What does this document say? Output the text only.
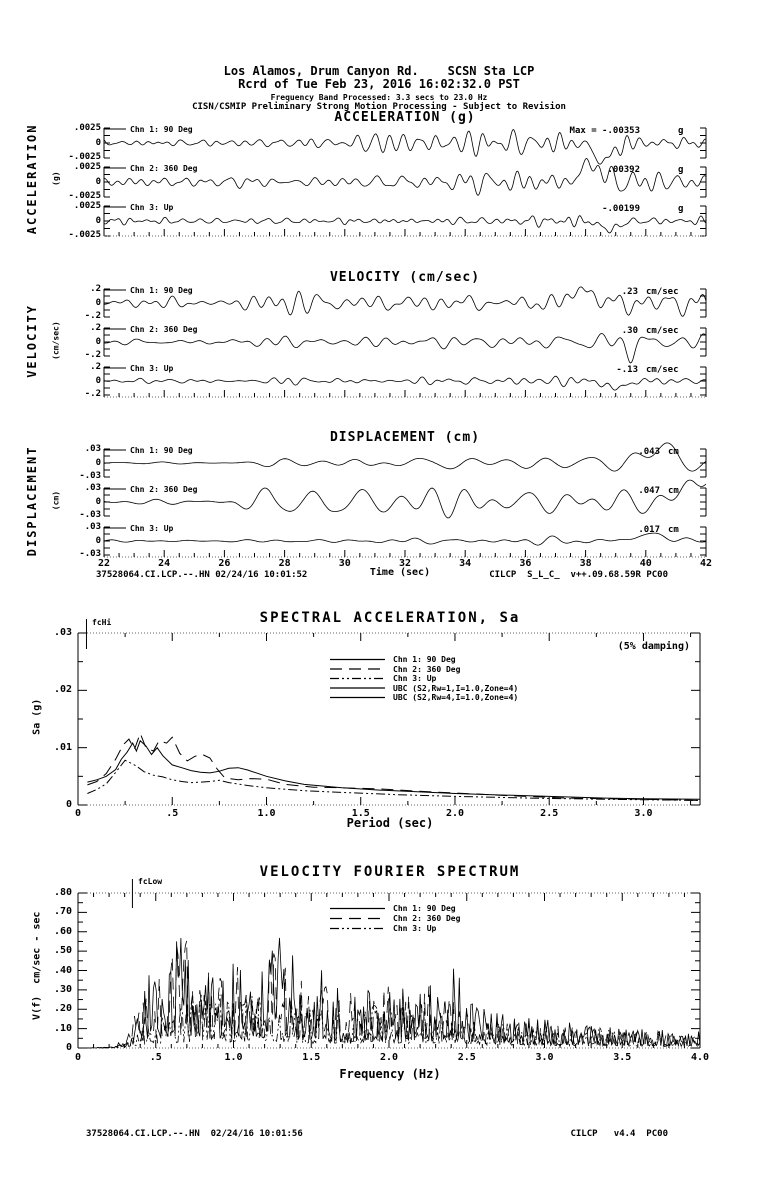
Los Alamos, Drum Canyon Rd.    SCSN Sta LCP
Rcrd of Tue Feb 23, 2016 16:02:32.0 PST
Frequency Band Processed: 3.3 secs to 23.0 Hz
CISN/CSMIP Preliminary Strong Motion Processing - Subject to Revision
ACCELERATION (g)
VELOCITY (cm/sec)
DISPLACEMENT (cm)
ACCELERATION (g)
VELOCITY (cm/sec)
DISPLACEMENT (cm)
Time (sec)
37528064.CI.LCP.--.HN 02/24/16 10:01:52	CILCP  S_L_C_  v++.09.68.59R PC00
SPECTRAL ACCELERATION, Sa
(5% damping)
fcHi
Sa (g)
Period (sec)
VELOCITY FOURIER SPECTRUM
fcLow
V(f)  cm/sec - sec
Frequency (Hz)
37528064.CI.LCP.--.HN  02/24/16 10:01:56	CILCP   v4.4  PC00
Chn 1: 90 Deg
.0025
0
-.0025
Max = -.00353	g
Chn 2: 360 Deg
.0025
0
-.0025
.00392	g
Chn 3: Up
.0025
0
-.0025
-.00199	g
Chn 1: 90 Deg
.2
0
-.2
.23 cm/sec
Chn 2: 360 Deg
.2
0
-.2
.30 cm/sec
Chn 3: Up
.2
0
-.2
-.13 cm/sec
Chn 1: 90 Deg
.03
0
-.03
.043 cm
Chn 2: 360 Deg
.03
0
-.03
.047 cm
Chn 3: Up
.03
0
-.03
.017 cm
22	24	26	28	30	32	34	36	38	40	42
.03
.02
.01
0
0	.5	1.0	1.5	2.0	2.5	3.0
Chn 1: 90 Deg
Chn 2: 360 Deg
Chn 3: Up
UBC (S2,Rw=1,I=1.0,Zone=4)
UBC (S2,Rw=4,I=1.0,Zone=4)
.80
.70
.60
.50
.40
.30
.20
.10
0
0	.5	1.0	1.5	2.0	2.5	3.0	3.5	4.0
Chn 1: 90 Deg
Chn 2: 360 Deg
Chn 3: Up
